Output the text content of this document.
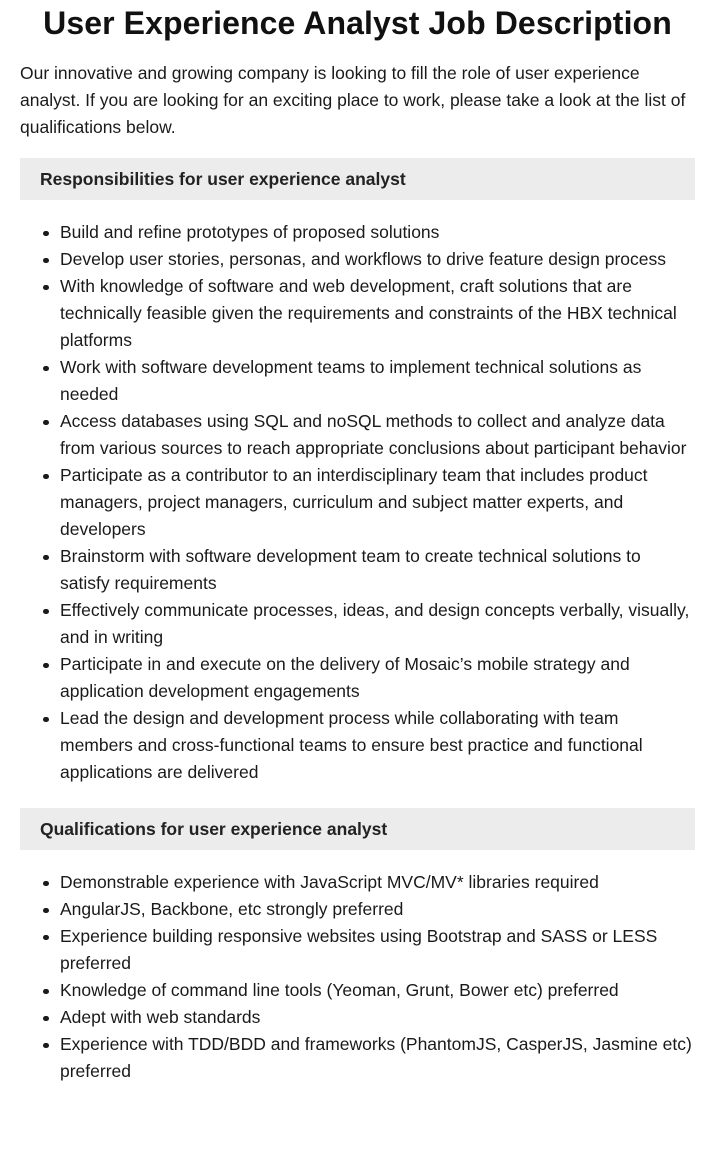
User Experience Analyst Job Description

Our innovative and growing company is looking to fill the role of user experience analyst. If you are looking for an exciting place to work, please take a look at the list of qualifications below.

Responsibilities for user experience analyst
Build and refine prototypes of proposed solutions
Develop user stories, personas, and workflows to drive feature design process
With knowledge of software and web development, craft solutions that are technically feasible given the requirements and constraints of the HBX technical platforms
Work with software development teams to implement technical solutions as needed
Access databases using SQL and noSQL methods to collect and analyze data from various sources to reach appropriate conclusions about participant behavior
Participate as a contributor to an interdisciplinary team that includes product managers, project managers, curriculum and subject matter experts, and developers
Brainstorm with software development team to create technical solutions to satisfy requirements
Effectively communicate processes, ideas, and design concepts verbally, visually, and in writing
Participate in and execute on the delivery of Mosaic’s mobile strategy and application development engagements
Lead the design and development process while collaborating with team members and cross-functional teams to ensure best practice and functional applications are delivered
Qualifications for user experience analyst
Demonstrable experience with JavaScript MVC/MV* libraries required
AngularJS, Backbone, etc strongly preferred
Experience building responsive websites using Bootstrap and SASS or LESS preferred
Knowledge of command line tools (Yeoman, Grunt, Bower etc) preferred
Adept with web standards
Experience with TDD/BDD and frameworks (PhantomJS, CasperJS, Jasmine etc) preferred
